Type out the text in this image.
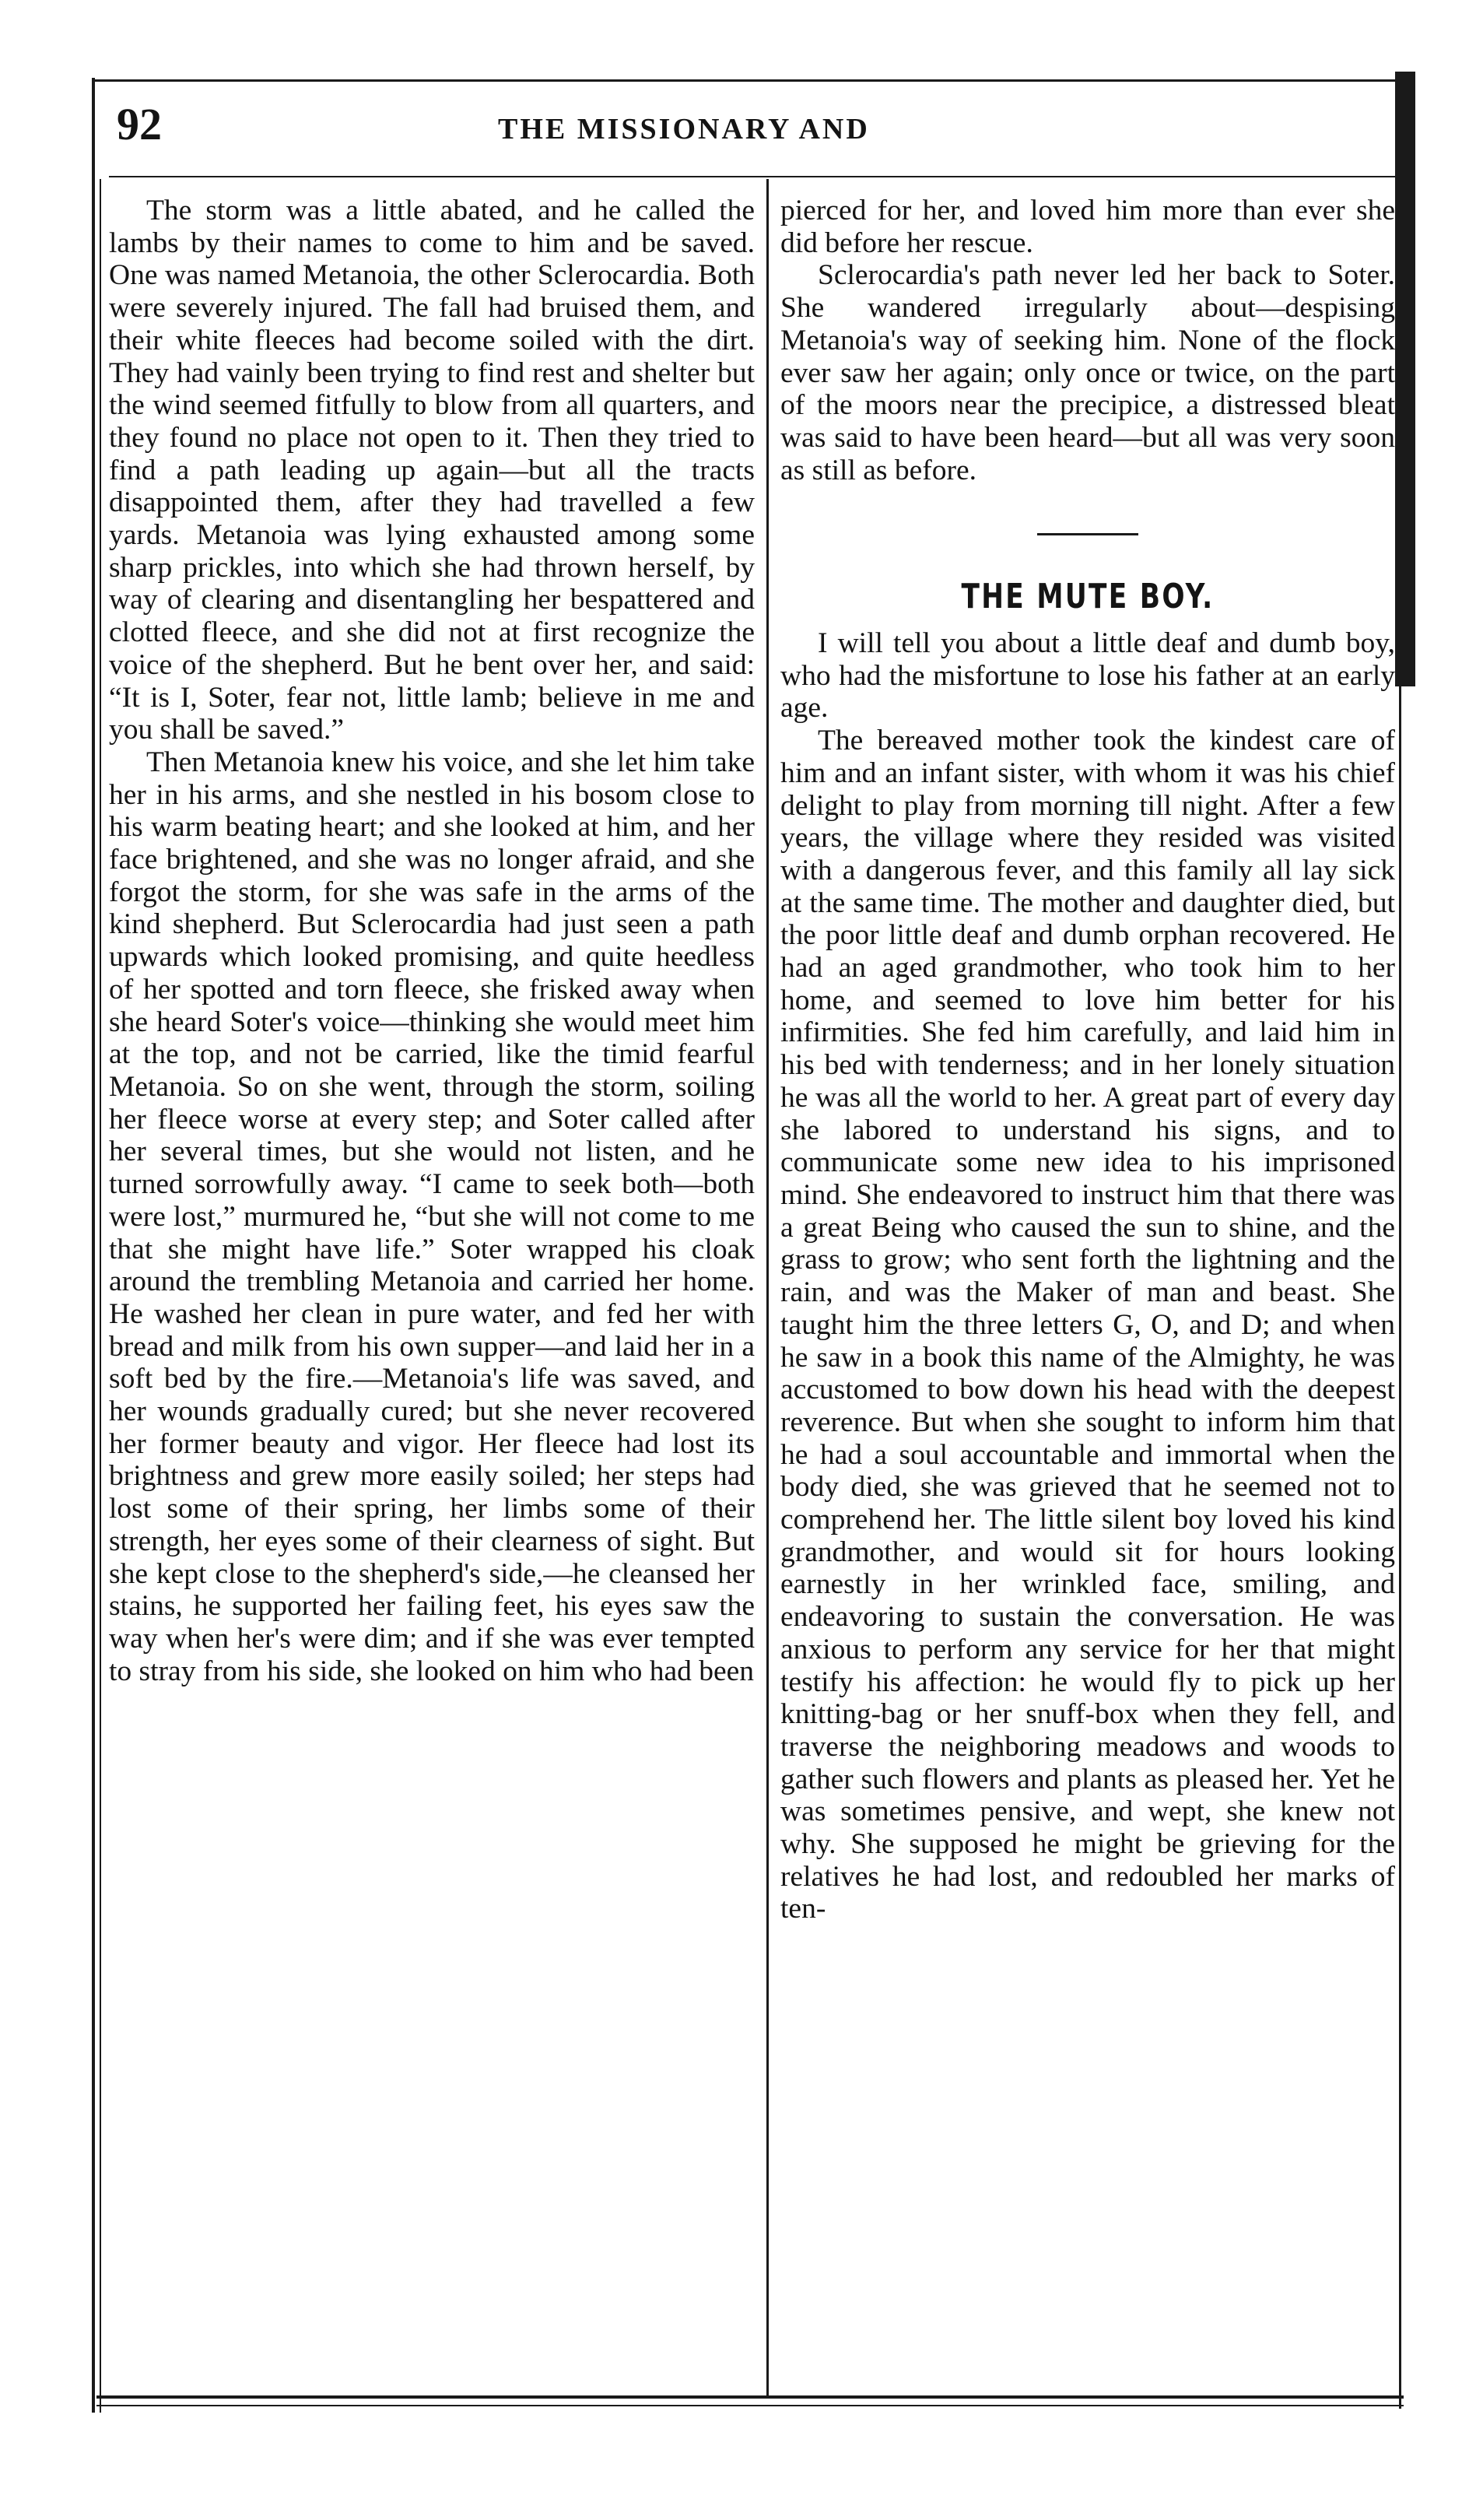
92	THE MISSIONARY AND

The storm was a little abated, and he called the lambs by their names to come to him and be saved. One was named Metanoia, the other Sclerocardia. Both were severely injured. The fall had bruised them, and their white fleeces had become soiled with the dirt. They had vainly been trying to find rest and shelter but the wind seemed fitfully to blow from all quarters, and they found no place not open to it. Then they tried to find a path leading up again—but all the tracts disappointed them, after they had travelled a few yards. Metanoia was lying exhausted among some sharp prickles, into which she had thrown herself, by way of clearing and disentangling her bespattered and clotted fleece, and she did not at first recognize the voice of the shepherd. But he bent over her, and said: “It is I, Soter, fear not, little lamb; believe in me and you shall be saved.”

Then Metanoia knew his voice, and she let him take her in his arms, and she nestled in his bosom close to his warm beating heart; and she looked at him, and her face brightened, and she was no longer afraid, and she forgot the storm, for she was safe in the arms of the kind shepherd. But Sclerocardia had just seen a path upwards which looked promising, and quite heedless of her spotted and torn fleece, she frisked away when she heard Soter's voice—thinking she would meet him at the top, and not be carried, like the timid fearful Metanoia. So on she went, through the storm, soiling her fleece worse at every step; and Soter called after her several times, but she would not listen, and he turned sorrowfully away. “I came to seek both—both were lost,” murmured he, “but she will not come to me that she might have life.” Soter wrapped his cloak around the trembling Metanoia and carried her home. He washed her clean in pure water, and fed her with bread and milk from his own supper—and laid her in a soft bed by the fire.—Metanoia's life was saved, and her wounds gradually cured; but she never recovered her former beauty and vigor. Her fleece had lost its brightness and grew more easily soiled; her steps had lost some of their spring, her limbs some of their strength, her eyes some of their clearness of sight. But she kept close to the shepherd's side,—he cleansed her stains, he supported her failing feet, his eyes saw the way when her's were dim; and if she was ever tempted to stray from his side, she looked on him who had been

pierced for her, and loved him more than ever she did before her rescue.

Sclerocardia's path never led her back to Soter. She wandered irregularly about—despising Metanoia's way of seeking him. None of the flock ever saw her again; only once or twice, on the part of the moors near the precipice, a distressed bleat was said to have been heard—but all was very soon as still as before.

THE MUTE BOY.

I will tell you about a little deaf and dumb boy, who had the misfortune to lose his father at an early age.

The bereaved mother took the kindest care of him and an infant sister, with whom it was his chief delight to play from morning till night. After a few years, the village where they resided was visited with a dangerous fever, and this family all lay sick at the same time. The mother and daughter died, but the poor little deaf and dumb orphan recovered. He had an aged grandmother, who took him to her home, and seemed to love him better for his infirmities. She fed him carefully, and laid him in his bed with tenderness; and in her lonely situation he was all the world to her. A great part of every day she labored to understand his signs, and to communicate some new idea to his imprisoned mind. She endeavored to instruct him that there was a great Being who caused the sun to shine, and the grass to grow; who sent forth the lightning and the rain, and was the Maker of man and beast. She taught him the three letters G, O, and D; and when he saw in a book this name of the Almighty, he was accustomed to bow down his head with the deepest reverence. But when she sought to inform him that he had a soul accountable and immortal when the body died, she was grieved that he seemed not to comprehend her. The little silent boy loved his kind grandmother, and would sit for hours looking earnestly in her wrinkled face, smiling, and endeavoring to sustain the conversation. He was anxious to perform any service for her that might testify his affection: he would fly to pick up her knitting-bag or her snuff-box when they fell, and traverse the neighboring meadows and woods to gather such flowers and plants as pleased her. Yet he was sometimes pensive, and wept, she knew not why. She supposed he might be grieving for the relatives he had lost, and redoubled her marks of ten-
